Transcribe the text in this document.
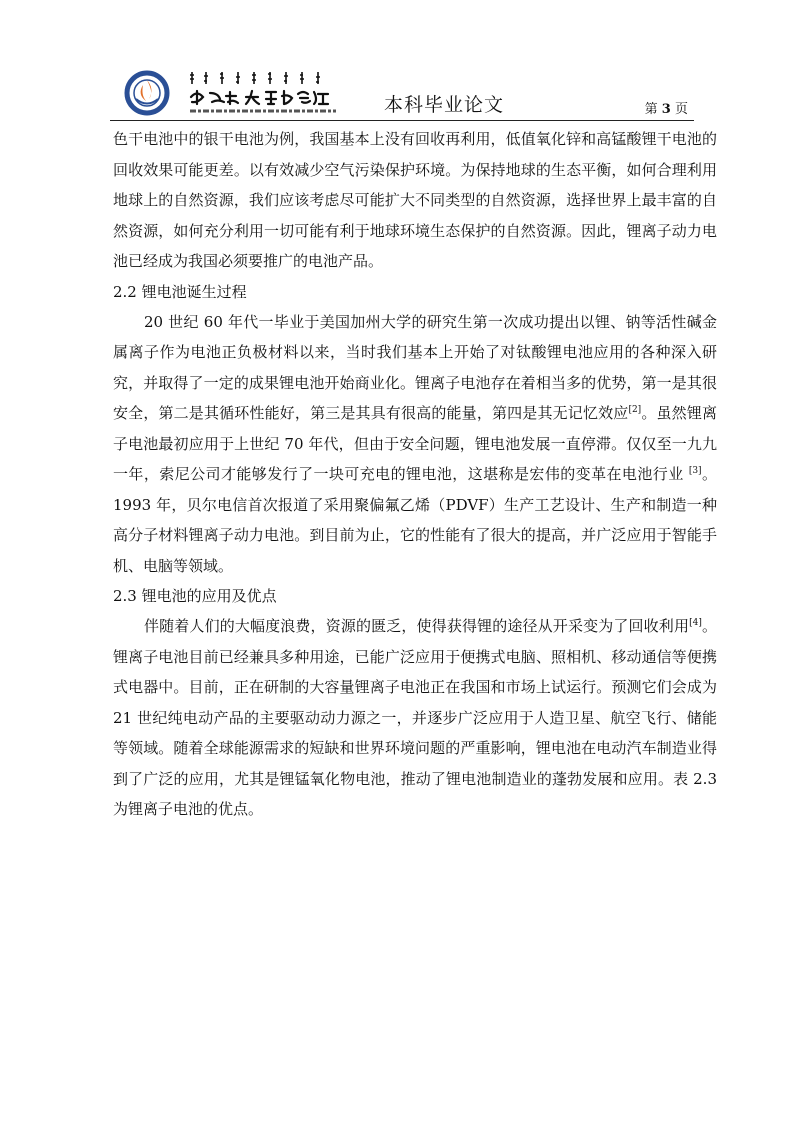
本科毕业论文	第 3 页

色干电池中的银干电池为例，我国基本上没有回收再利用，低值氧化锌和高锰酸锂干电池的回收效果可能更差。以有效减少空气污染保护环境。为保持地球的生态平衡，如何合理利用地球上的自然资源，我们应该考虑尽可能扩大不同类型的自然资源，选择世界上最丰富的自然资源，如何充分利用一切可能有利于地球环境生态保护的自然资源。因此，锂离子动力电池已经成为我国必须要推广的电池产品。

2.2 锂电池诞生过程

20 世纪 60 年代一毕业于美国加州大学的研究生第一次成功提出以锂、钠等活性碱金属离子作为电池正负极材料以来，当时我们基本上开始了对钛酸锂电池应用的各种深入研究，并取得了一定的成果锂电池开始商业化。锂离子电池存在着相当多的优势，第一是其很安全，第二是其循环性能好，第三是其具有很高的能量，第四是其无记忆效应[2]。虽然锂离子电池最初应用于上世纪 70 年代，但由于安全问题，锂电池发展一直停滞。仅仅至一九九一年，索尼公司才能够发行了一块可充电的锂电池，这堪称是宏伟的变革在电池行业 [3]。1993 年，贝尔电信首次报道了采用聚偏氟乙烯（PDVF）生产工艺设计、生产和制造一种高分子材料锂离子动力电池。到目前为止，它的性能有了很大的提高，并广泛应用于智能手机、电脑等领域。

2.3 锂电池的应用及优点

伴随着人们的大幅度浪费，资源的匮乏，使得获得锂的途径从开采变为了回收利用[4]。锂离子电池目前已经兼具多种用途，已能广泛应用于便携式电脑、照相机、移动通信等便携式电器中。目前，正在研制的大容量锂离子电池正在我国和市场上试运行。预测它们会成为 21 世纪纯电动产品的主要驱动动力源之一，并逐步广泛应用于人造卫星、航空飞行、储能等领域。随着全球能源需求的短缺和世界环境问题的严重影响，锂电池在电动汽车制造业得到了广泛的应用，尤其是锂锰氧化物电池，推动了锂电池制造业的蓬勃发展和应用。表 2.3 为锂离子电池的优点。
